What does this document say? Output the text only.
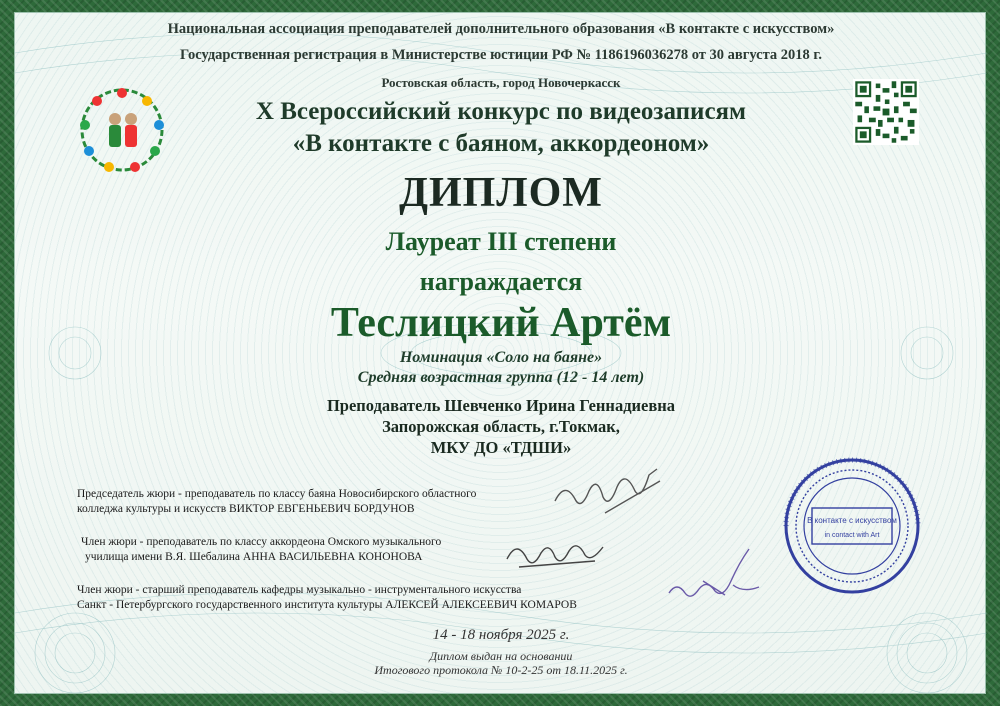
Национальная ассоциация преподавателей дополнительного образования «В контакте с искусством»
Государственная регистрация в Министерстве юстиции РФ № 1186196036278 от 30 августа 2018 г.
Ростовская область, город Новочеркасск
X Всероссийский конкурс по видеозаписям
«В контакте с баяном, аккордеоном»
ДИПЛОМ
Лауреат III степени
награждается
Теслицкий Артём
Номинация «Соло на баяне»
Средняя возрастная группа (12 - 14 лет)
Преподаватель Шевченко Ирина Геннадиевна
Запорожская область, г.Токмак,
МКУ ДО «ТДШИ»
Председатель жюри - преподаватель по классу баяна Новосибирского областного
колледжа культуры и искусств ВИКТОР ЕВГЕНЬЕВИЧ БОРДУНОВ
Член жюри - преподаватель по классу аккордеона Омского музыкального
училища имени В.Я. Шебалина АННА ВАСИЛЬЕВНА КОНОНОВА
Член жюри - старший преподаватель кафедры музыкально - инструментального искусства
Санкт - Петербургского государственного института культуры АЛЕКСЕЙ АЛЕКСЕЕВИЧ КОМАРОВ
В контакте с искусством
in contact with Art
14 - 18 ноября 2025 г.
Диплом выдан на основании
Итогового протокола № 10-2-25 от 18.11.2025 г.
